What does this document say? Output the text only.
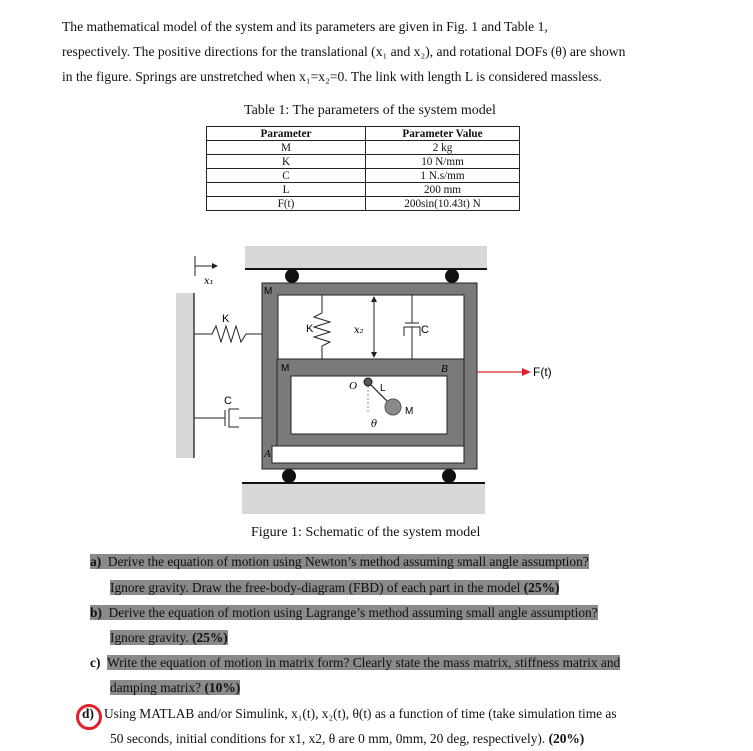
The mathematical model of the system and its parameters are given in Fig. 1 and Table 1,
respectively. The positive directions for the translational (x₁ and x₂), and rotational DOFs (θ) are shown
in the figure. Springs are unstretched when x₁=x₂=0. The link with length L is considered massless.
Table 1: The parameters of the system model
Parameter	Parameter Value
M	2 kg
K	10 N/mm
C	1 N.s/mm
L	200 mm
F(t)	200sin(10.43t) N
x₁
M
M	B
A
K
C
K	x₂	C
O L
M
θ
F(t)
Figure 1: Schematic of the system model
a) Derive the equation of motion using Newton’s method assuming small angle assumption?
Ignore gravity. Draw the free-body-diagram (FBD) of each part in the model (25%)
b) Derive the equation of motion using Lagrange’s method assuming small angle assumption?
Ignore gravity. (25%)
c) Write the equation of motion in matrix form? Clearly state the mass matrix, stiffness matrix and
damping matrix? (10%)
d) Using MATLAB and/or Simulink, x₁(t), x₂(t), θ(t) as a function of time (take simulation time as
50 seconds, initial conditions for x1, x2, θ are 0 mm, 0mm, 20 deg, respectively). (20%)
